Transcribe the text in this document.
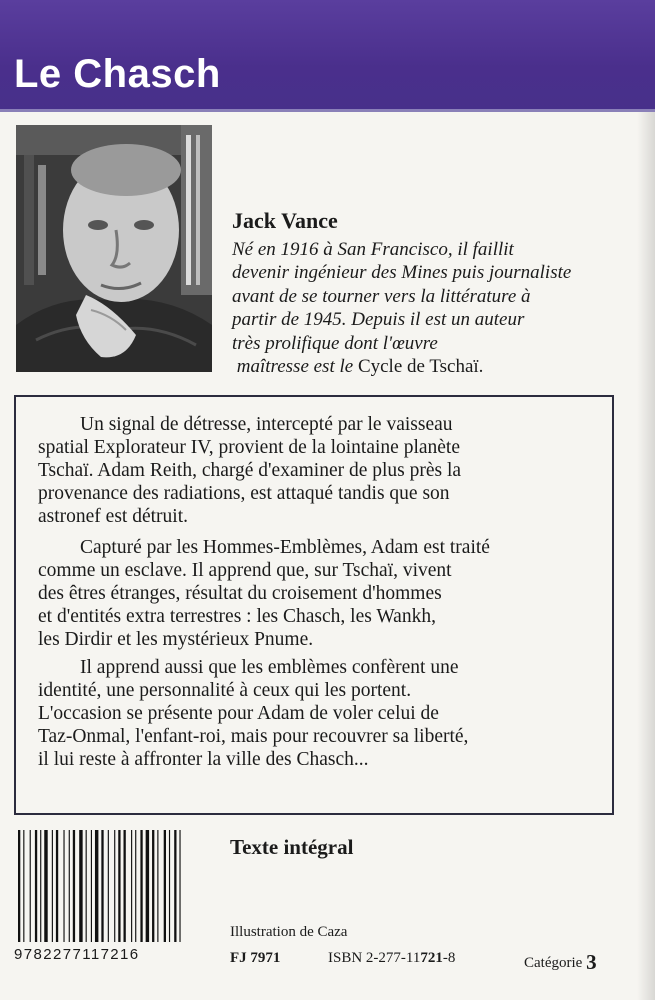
Le Chasch
Jack Vance
Né en 1916 à San Francisco, il faillit
devenir ingénieur des Mines puis journaliste
avant de se tourner vers la littérature à
partir de 1945. Depuis il est un auteur
très prolifique dont l'œuvre
maîtresse est le Cycle de Tschaï.
Un signal de détresse, intercepté par le vaisseau
spatial Explorateur IV, provient de la lointaine planète
Tschaï. Adam Reith, chargé d'examiner de plus près la
provenance des radiations, est attaqué tandis que son
astronef est détruit.
Capturé par les Hommes-Emblèmes, Adam est traité
comme un esclave. Il apprend que, sur Tschaï, vivent
des êtres étranges, résultat du croisement d'hommes
et d'entités extra terrestres : les Chasch, les Wankh,
les Dirdir et les mystérieux Pnume.
Il apprend aussi que les emblèmes confèrent une
identité, une personnalité à ceux qui les portent.
L'occasion se présente pour Adam de voler celui de
Taz-Onmal, l'enfant-roi, mais pour recouvrer sa liberté,
il lui reste à affronter la ville des Chasch...
9782277117216
Texte intégral
Illustration de Caza
FJ 7971	ISBN 2-277-11721-8	Catégorie 3
